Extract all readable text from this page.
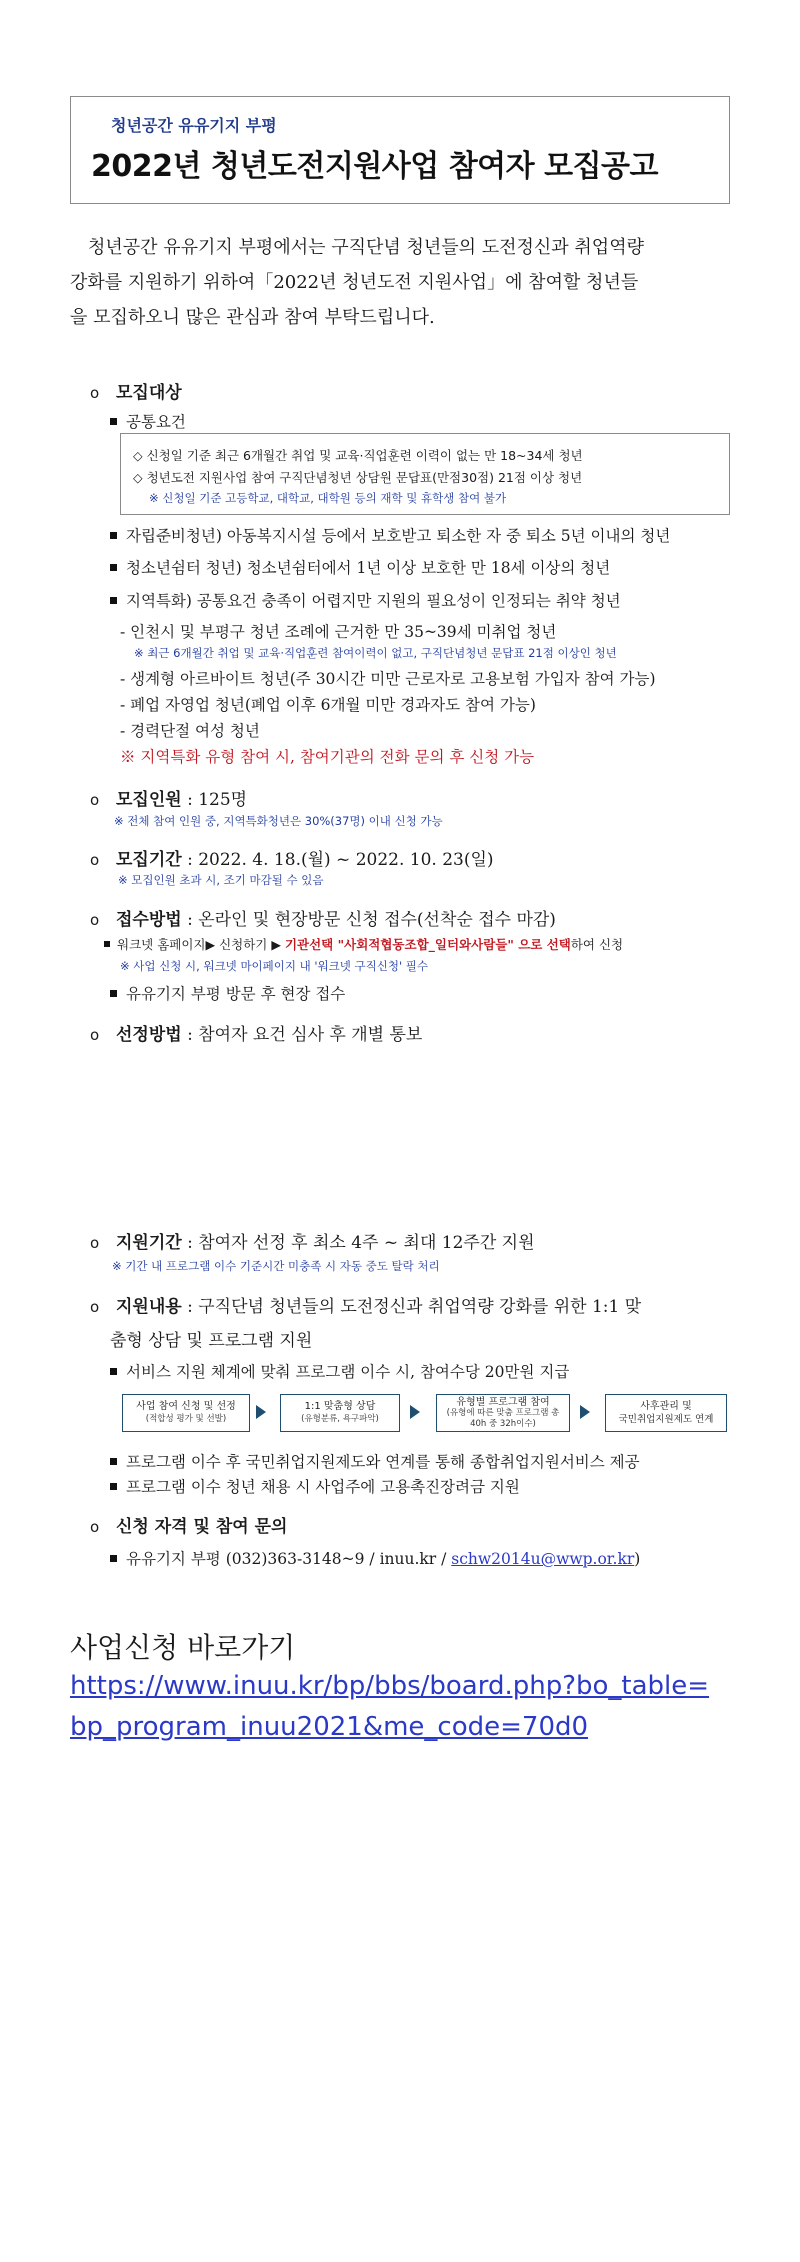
청년공간 유유기지 부평
2022년 청년도전지원사업 참여자 모집공고

청년공간 유유기지 부평에서는 구직단념 청년들의 도전정신과 취업역량

강화를 지원하기 위하여「2022년 청년도전 지원사업」에 참여할 청년들

을 모집하오니 많은 관심과 참여 부탁드립니다.

ο 모집대상
공통요건
◇ 신청일 기준 최근 6개월간 취업 및 교육·직업훈련 이력이 없는 만 18~34세 청년
◇ 청년도전 지원사업 참여 구직단념청년 상담원 문답표(만점30점) 21점 이상 청년
※ 신청일 기준 고등학교, 대학교, 대학원 등의 재학 및 휴학생 참여 불가
자립준비청년) 아동복지시설 등에서 보호받고 퇴소한 자 중 퇴소 5년 이내의 청년
청소년쉼터 청년) 청소년쉼터에서 1년 이상 보호한 만 18세 이상의 청년
지역특화) 공통요건 충족이 어렵지만 지원의 필요성이 인정되는 취약 청년
- 인천시 및 부평구 청년 조례에 근거한 만 35~39세 미취업 청년
※ 최근 6개월간 취업 및 교육·직업훈련 참여이력이 없고, 구직단념청년 문답표 21점 이상인 청년
- 생계형 아르바이트 청년(주 30시간 미만 근로자로 고용보험 가입자 참여 가능)
- 폐업 자영업 청년(폐업 이후 6개월 미만 경과자도 참여 가능)
- 경력단절 여성 청년
※ 지역특화 유형 참여 시, 참여기관의 전화 문의 후 신청 가능
ο 모집인원 : 125명
※ 전체 참여 인원 중, 지역특화청년은 30%(37명) 이내 신청 가능
ο 모집기간 : 2022. 4. 18.(월) ~ 2022. 10. 23(일)
※ 모집인원 초과 시, 조기 마감될 수 있음
ο 접수방법 : 온라인 및 현장방문 신청 접수(선착순 접수 마감)
워크넷 홈페이지▶ 신청하기 ▶ 기관선택 "사회적협동조합_일터와사람들" 으로 선택하여 신청
※ 사업 신청 시, 워크넷 마이페이지 내 '워크넷 구직신청' 필수
유유기지 부평 방문 후 현장 접수
ο 선정방법 : 참여자 요건 심사 후 개별 통보
ο 지원기간 : 참여자 선정 후 최소 4주 ~ 최대 12주간 지원
※ 기간 내 프로그램 이수 기준시간 미충족 시 자동 중도 탈락 처리
ο 지원내용 : 구직단념 청년들의 도전정신과 취업역량 강화를 위한 1:1 맞
춤형 상담 및 프로그램 지원
서비스 지원 체계에 맞춰 프로그램 이수 시, 참여수당 20만원 지급
사업 참여 신청 및 선정
(적합성 평가 및 선발)
1:1 맞춤형 상담
(유형분류, 욕구파악)
유형별 프로그램 참여
(유형에 따른 맞춤 프로그램 총 40h 중 32h이수)
사후관리 및
국민취업지원제도 연계
프로그램 이수 후 국민취업지원제도와 연계를 통해 종합취업지원서비스 제공
프로그램 이수 청년 채용 시 사업주에 고용촉진장려금 지원
ο 신청 자격 및 참여 문의
유유기지 부평 (032)363-3148~9 / inuu.kr / schw2014u@wwp.or.kr)
사업신청 바로가기
https://www.inuu.kr/bp/bbs/board.php?bo_table=
bp_program_inuu2021&me_code=70d0
